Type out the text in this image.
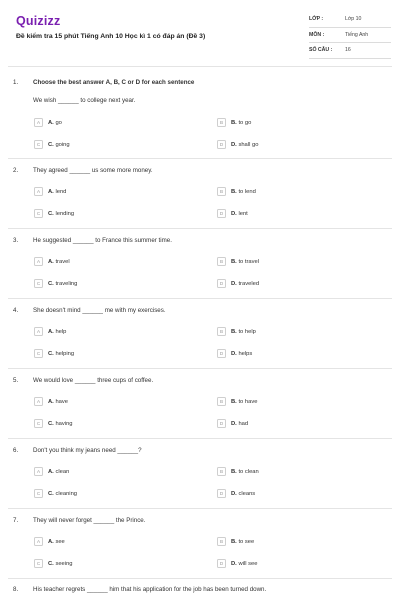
Quizizz
Đề kiểm tra 15 phút Tiếng Anh 10 Học kì 1 có đáp án (Đề 3)
LỚP :	Lớp 10
MÔN :	Tiếng Anh
SỐ CÂU :	16
1. Choose the best answer A, B, C or D for each sentence
We wish ______ to college next year.
A	A. go	B	B. to go
C	C. going	D	D. shall go
2. They agreed ______ us some more money.
A	A. lend	B	B. to lend
C	C. lending	D	D. lent
3. He suggested ______ to France this summer time.
A	A. travel	B	B. to travel
C	C. traveling	D	D. traveled
4. She doesn't mind ______ me with my exercises.
A	A. help	B	B. to help
C	C. helping	D	D. helps
5. We would love ______ three cups of coffee.
A	A. have	B	B. to have
C	C. having	D	D. had
6. Don't you think my jeans need ______?
A	A. clean	B	B. to clean
C	C. cleaning	D	D. cleans
7. They will never forget ______ the Prince.
A	A. see	B	B. to see
C	C. seeing	D	D. will see
8. His teacher regrets ______ him that his application for the job has been turned down.
